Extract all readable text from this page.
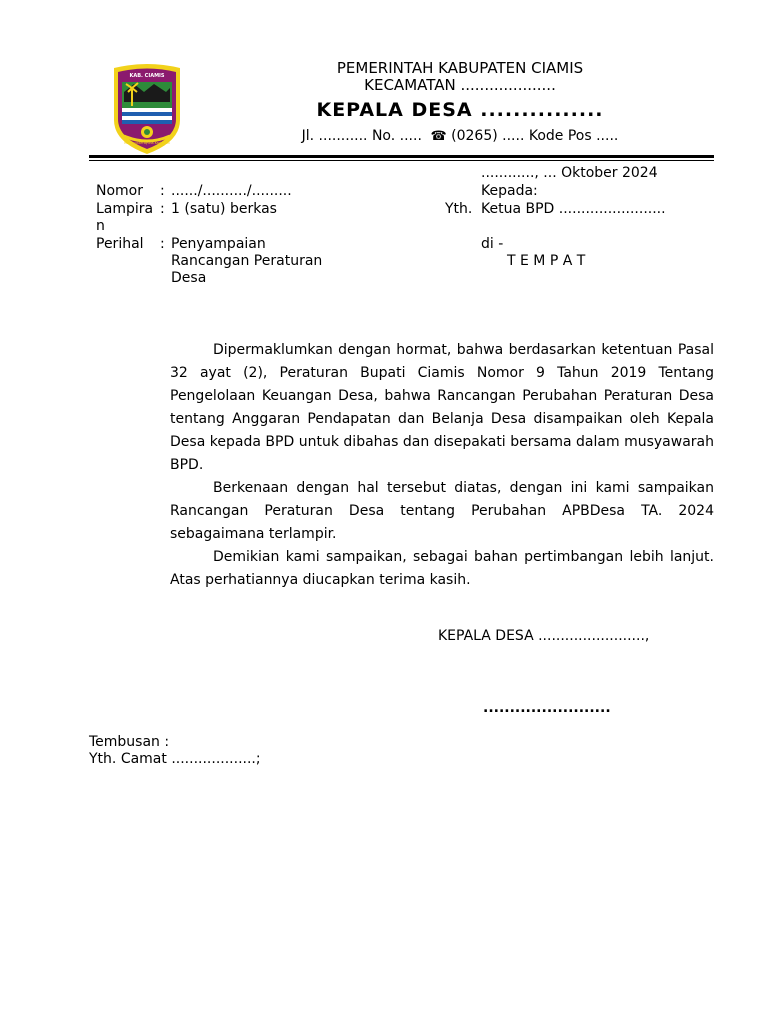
KAB. CIAMIS
Mahayunan Ayuna Kadatuan
PEMERINTAH KABUPATEN CIAMIS
KECAMATAN ....................
KEPALA DESA ...............
Jl. ........... No. .....  ☎ (0265) ..... Kode Pos .....
............, ... Oktober 2024
Nomor	: ....../........../.........
Lampira
n
: 1 (satu) berkas
Perihal	: Penyampaian
Rancangan Peraturan
Desa
Kepada:
Yth. Ketua BPD ........................
di -
T E M P A T

Dipermaklumkan dengan hormat, bahwa berdasarkan ketentuan Pasal 32 ayat (2), Peraturan Bupati Ciamis Nomor 9 Tahun 2019 Tentang Pengelolaan Keuangan Desa, bahwa Rancangan Perubahan Peraturan Desa tentang Anggaran Pendapatan dan Belanja Desa disampaikan oleh Kepala Desa kepada BPD untuk dibahas dan disepakati bersama dalam musyawarah BPD.

Berkenaan dengan hal tersebut diatas, dengan ini kami sampaikan Rancangan Peraturan Desa tentang Perubahan APBDesa TA. 2024 sebagaimana terlampir.

Demikian kami sampaikan, sebagai bahan pertimbangan lebih lanjut. Atas perhatiannya diucapkan terima kasih.

KEPALA DESA ........................,
........................
Tembusan :
Yth. Camat ...................;
